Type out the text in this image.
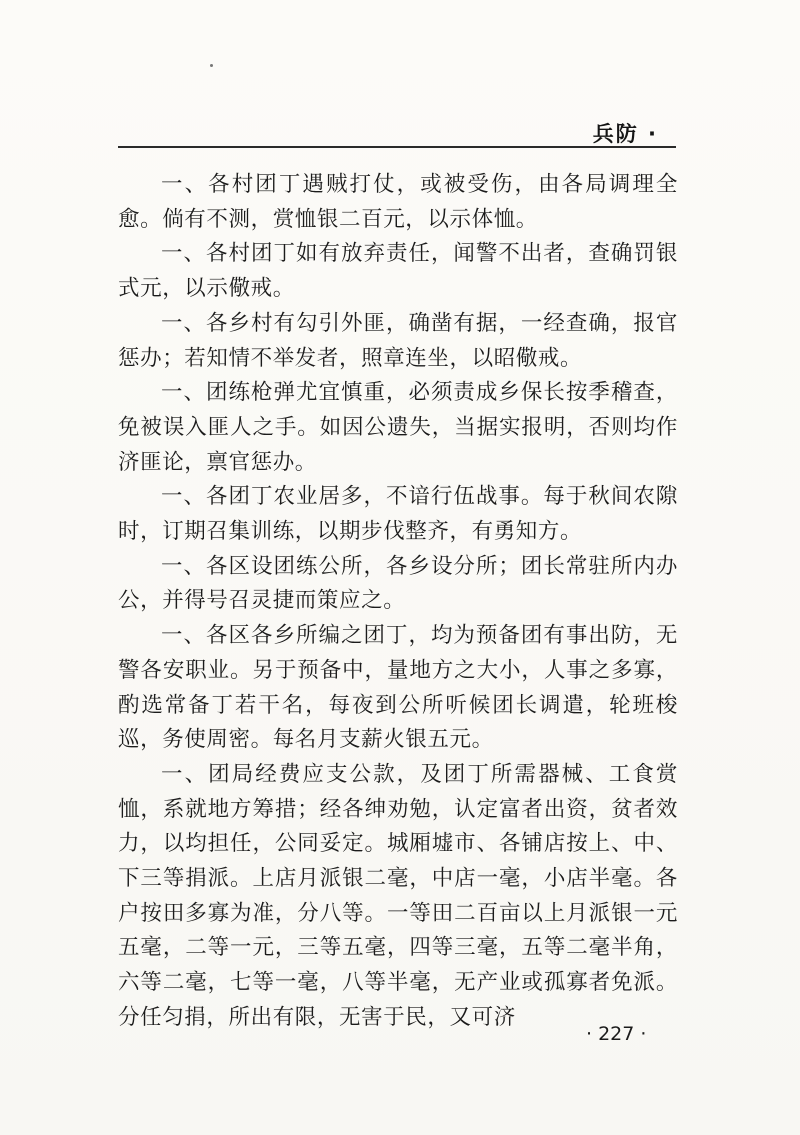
兵防 ·

一、各村团丁遇贼打仗，或被受伤，由各局调理全愈。倘有不测，赏恤银二百元，以示体恤。

一、各村团丁如有放弃责任，闻警不出者，查确罚银式元，以示儆戒。

一、各乡村有勾引外匪，确凿有据，一经查确，报官惩办；若知情不举发者，照章连坐，以昭儆戒。

一、团练枪弹尤宜慎重，必须责成乡保长按季稽查，免被误入匪人之手。如因公遗失，当据实报明，否则均作济匪论，禀官惩办。

一、各团丁农业居多，不谙行伍战事。每于秋间农隙时，订期召集训练，以期步伐整齐，有勇知方。

一、各区设团练公所，各乡设分所；团长常驻所内办公，并得号召灵捷而策应之。

一、各区各乡所编之团丁，均为预备团有事出防，无警各安职业。另于预备中，量地方之大小，人事之多寡，酌选常备丁若干名，每夜到公所听候团长调遣，轮班梭巡，务使周密。每名月支薪火银五元。

一、团局经费应支公款，及团丁所需器械、工食赏恤，系就地方筹措；经各绅劝勉，认定富者出资，贫者效力，以均担任，公同妥定。城厢墟市、各铺店按上、中、下三等捐派。上店月派银二毫，中店一毫，小店半毫。各户按田多寡为准，分八等。一等田二百亩以上月派银一元五毫，二等一元，三等五毫，四等三毫，五等二毫半角，六等二毫，七等一毫，八等半毫，无产业或孤寡者免派。分任匀捐，所出有限，无害于民，又可济

· 227 ·
